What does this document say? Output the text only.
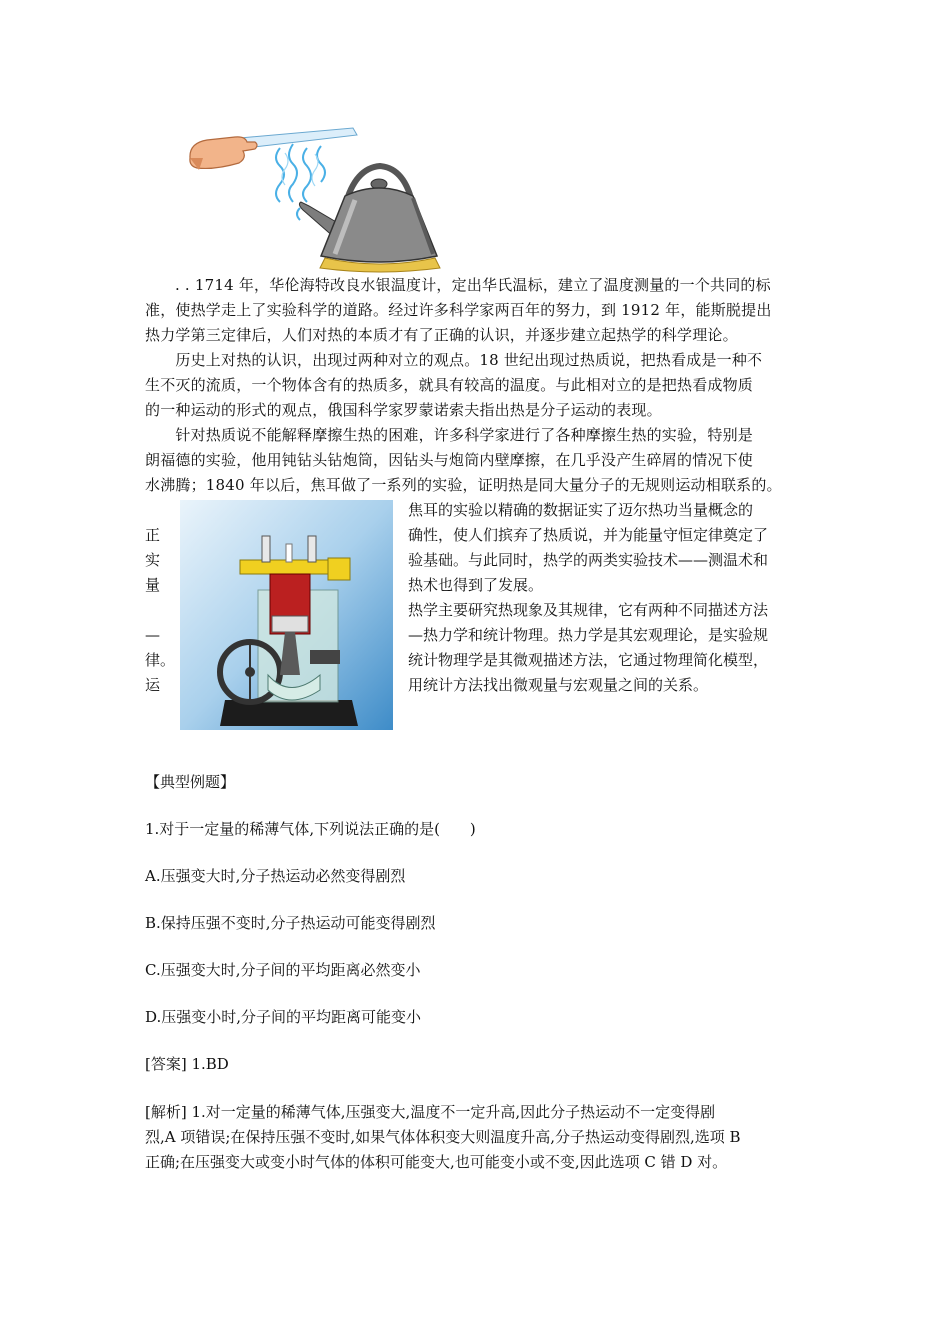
. . 1714 年，华伦海特改良水银温度计，定出华氏温标，建立了温度测量的一个共同的标
准，使热学走上了实验科学的道路。经过许多科学家两百年的努力，到 1912 年，能斯脱提出
热力学第三定律后，人们对热的本质才有了正确的认识，并逐步建立起热学的科学理论。
　　历史上对热的认识，出现过两种对立的观点。18 世纪出现过热质说，把热看成是一种不
生不灭的流质，一个物体含有的热质多，就具有较高的温度。与此相对立的是把热看成物质
的一种运动的形式的观点，俄国科学家罗蒙诺索夫指出热是分子运动的表现。
　　针对热质说不能解释摩擦生热的困难，许多科学家进行了各种摩擦生热的实验，特别是
朗福德的实验，他用钝钻头钻炮筒，因钻头与炮筒内壁摩擦，在几乎没产生碎屑的情况下使
水沸腾；1840 年以后，焦耳做了一系列的实验，证明热是同大量分子的无规则运动相联系的。
正
实
量
—
律。
运
焦耳的实验以精确的数据证实了迈尔热功当量概念的
确性，使人们摈弃了热质说，并为能量守恒定律奠定了
验基础。与此同时，热学的两类实验技术——测温术和
热术也得到了发展。
热学主要研究热现象及其规律，它有两种不同描述方法
—热力学和统计物理。热力学是其宏观理论，是实验规
统计物理学是其微观描述方法，它通过物理简化模型，
用统计方法找出微观量与宏观量之间的关系。
【典型例题】
1.对于一定量的稀薄气体,下列说法正确的是(　　)
A.压强变大时,分子热运动必然变得剧烈
B.保持压强不变时,分子热运动可能变得剧烈
C.压强变大时,分子间的平均距离必然变小
D.压强变小时,分子间的平均距离可能变小
[答案] 1.BD
[解析] 1.对一定量的稀薄气体,压强变大,温度不一定升高,因此分子热运动不一定变得剧
烈,A 项错误;在保持压强不变时,如果气体体积变大则温度升高,分子热运动变得剧烈,选项 B
正确;在压强变大或变小时气体的体积可能变大,也可能变小或不变,因此选项 C 错 D 对。
